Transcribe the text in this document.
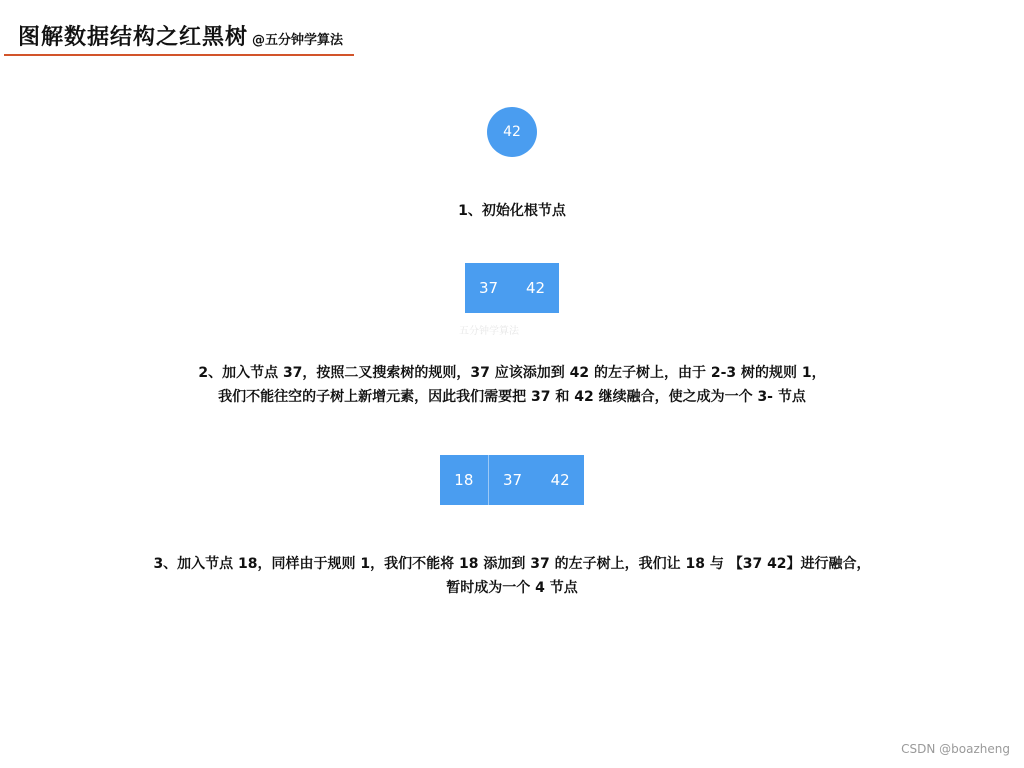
图解数据结构之红黑树 @五分钟学算法
42
1、初始化根节点
37	42
五分钟学算法
2、加入节点 37，按照二叉搜索树的规则，37 应该添加到 42 的左子树上，由于 2-3 树的规则 1，
我们不能往空的子树上新增元素，因此我们需要把 37 和 42 继续融合，使之成为一个 3- 节点
18	37	42
3、加入节点 18，同样由于规则 1，我们不能将 18 添加到 37 的左子树上，我们让 18 与 【37 42】进行融合，
暂时成为一个 4 节点
CSDN @boazheng
